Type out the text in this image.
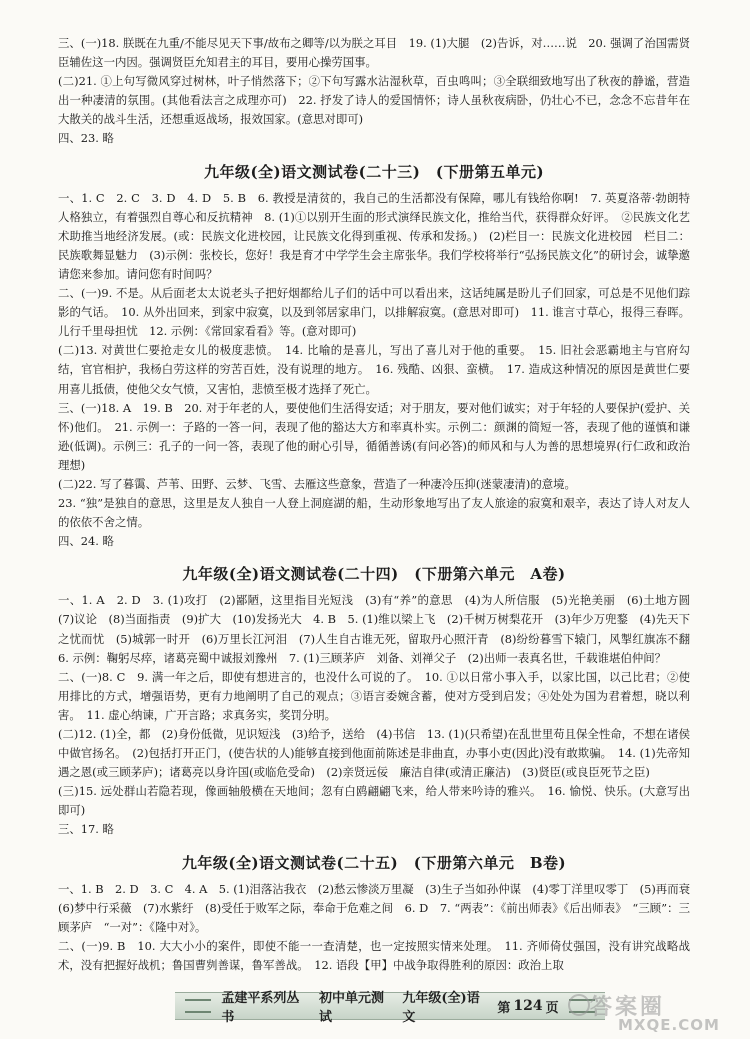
三、(一)18. 朕既在九重/不能尽见天下事/故布之卿等/以为朕之耳目　19. (1)大腿　(2)告诉，对……说　20. 强调了治国需贤臣辅佐这一内因。强调贤臣允知君主的耳目，要用心操劳国事。

(二)21. ①上句写微风穿过树林，叶子悄然落下；②下句写露水沾湿秋草，百虫鸣叫；③全联细致地写出了秋夜的静谧，营造出一种凄清的氛围。(其他看法言之成理亦可)　22. 抒发了诗人的爱国情怀；诗人虽秋夜病卧，仍壮心不已，念念不忘昔年在大散关的战斗生活，还想重返战场，报效国家。(意思对即可)

四、23. 略

九年级(全)语文测试卷(二十三)　(下册第五单元)

一、1. C　2. C　3. D　4. D　5. B　6. 教授是清贫的，我自己的生活都没有保障，哪儿有钱给你啊!　7. 英夏洛蒂·勃朗特　人格独立，有着强烈自尊心和反抗精神　8. (1)①以别开生面的形式演绎民族文化，推给当代，获得群众好评。　②民族文化艺术助推当地经济发展。(或：民族文化进校园，让民族文化得到重视、传承和发扬。)　(2)栏目一：民族文化进校园　栏目二：民族歌舞显魅力　(3)示例：张校长，您好！我是育才中学学生会主席张华。我们学校将举行“弘扬民族文化”的研讨会，诚挚邀请您来参加。请问您有时间吗？

二、(一)9. 不是。从后面老太太说老头子把好烟都给儿子们的话中可以看出来，这话纯属是盼儿子们回家，可总是不见他们踪影的气话。　10. 从外出回来，到家中寂寞，以及到邻居家串门，以排解寂寞。(意思对即可)　11. 谁言寸草心，报得三春晖。儿行千里母担忧　12. 示例：《常回家看看》等。(意对即可)

(二)13. 对黄世仁要抢走女儿的极度悲愤。　14. 比喻的是喜儿，写出了喜儿对于他的重要。　15. 旧社会恶霸地主与官府勾结，官官相护，我杨白劳这样的穷苦百姓，没有说理的地方。　16. 残酷、凶狠、蛮横。　17. 造成这种情况的原因是黄世仁要用喜儿抵债，使他父女气愤，又害怕，悲愤至极才选择了死亡。

三、(一)18. A　19. B　20. 对于年老的人，要使他们生活得安适；对于朋友，要对他们诚实；对于年轻的人要保护(爱护、关怀)他们。　21. 示例一：子路的一答一问，表现了他的豁达大方和率真朴实。示例二：颜渊的简短一答，表现了他的谨慎和谦逊(低调)。示例三：孔子的一问一答，表现了他的耐心引导，循循善诱(有问必答)的师风和与人为善的思想境界(行仁政和政治理想)

(二)22. 写了暮霭、芦苇、田野、云梦、飞雪、去雁这些意象，营造了一种凄冷压抑(迷蒙凄清)的意境。

23. “独”是独自的意思，这里是友人独自一人登上洞庭湖的船，生动形象地写出了友人旅途的寂寞和艰辛，表达了诗人对友人的依依不舍之情。

四、24. 略

九年级(全)语文测试卷(二十四)　(下册第六单元　A卷)

一、1. A　2. D　3. (1)攻打　(2)鄙陋，这里指目光短浅　(3)有“养”的意思　(4)为人所信服　(5)光艳美丽　(6)土地方圆　(7)议论　(8)当面指责　(9)扩大　(10)发扬光大　4. B　5. (1)维以梁上飞　(2)千树万树梨花开　(3)年少万兜鍪　(4)先天下之忧而忧　(5)城郭一时开　(6)万里长江河泪　(7)人生自古谁无死，留取丹心照汗青　(8)纷纷暮雪下辕门，风掣红旗冻不翻　6. 示例：鞠躬尽瘁，诸葛亮蜀中诚报刘豫州　7. (1)三顾茅庐　刘备、刘禅父子　(2)出师一表真名世，千载谁堪伯仲间？

二、(一)8. C　9. 满一年之后，即使有想进言的，也没什么可说的了。　10. ①以日常小事入手，以家比国，以己比君；②使用排比的方式，增强语势，更有力地阐明了自己的观点；③语言委婉含蓄，使对方受到启发；④处处为国为君着想，晓以利害。　11. 虚心纳谏，广开言路；求真务实，奖罚分明。

(二)12. (1)全，都　(2)身份低微，见识短浅　(3)给予，送给　(4)书信　13. (1)(只希望)在乱世里苟且保全性命，不想在诸侯中做官扬名。　(2)包括打开正门，(使告状的人)能够直接到他面前陈述是非曲直，办事小吏(因此)没有敢欺骗。　14. (1)先帝知遇之恩(或三顾茅庐)；诸葛亮以身许国(或临危受命)　(2)亲贤远佞　廉洁自律(或清正廉洁)　(3)贤臣(或良臣死节之臣)

(三)15. 远处群山若隐若现，像画轴般横在天地间；忽有白鸥翩翩飞来，给人带来吟诗的雅兴。　16. 愉悦、快乐。(大意写出即可)

三、17. 略

九年级(全)语文测试卷(二十五)　(下册第六单元　B卷)

一、1. B　2. D　3. C　4. A　5. (1)泪落沾我衣　(2)愁云惨淡万里凝　(3)生子当如孙仲谋　(4)零丁洋里叹零丁　(5)再而衰　(6)梦中行采薇　(7)水紫纡　(8)受任于败军之际，奉命于危难之间　6. D　7. “两表”：《前出师表》《后出师表》　“三顾”：三顾茅庐　“一对”：《隆中对》。

二、(一)9. B　10. 大大小小的案件，即使不能一一查清楚，也一定按照实情来处理。　11. 齐师倚仗强国，没有讲究战略战术，没有把握好战机；鲁国曹刿善谋，鲁军善战。　12. 语段【甲】中战争取得胜利的原因：政治上取

孟建平系列丛书
初中单元测试
九年级(全)语文
第 124 页 答案圈
MXQE.COM
